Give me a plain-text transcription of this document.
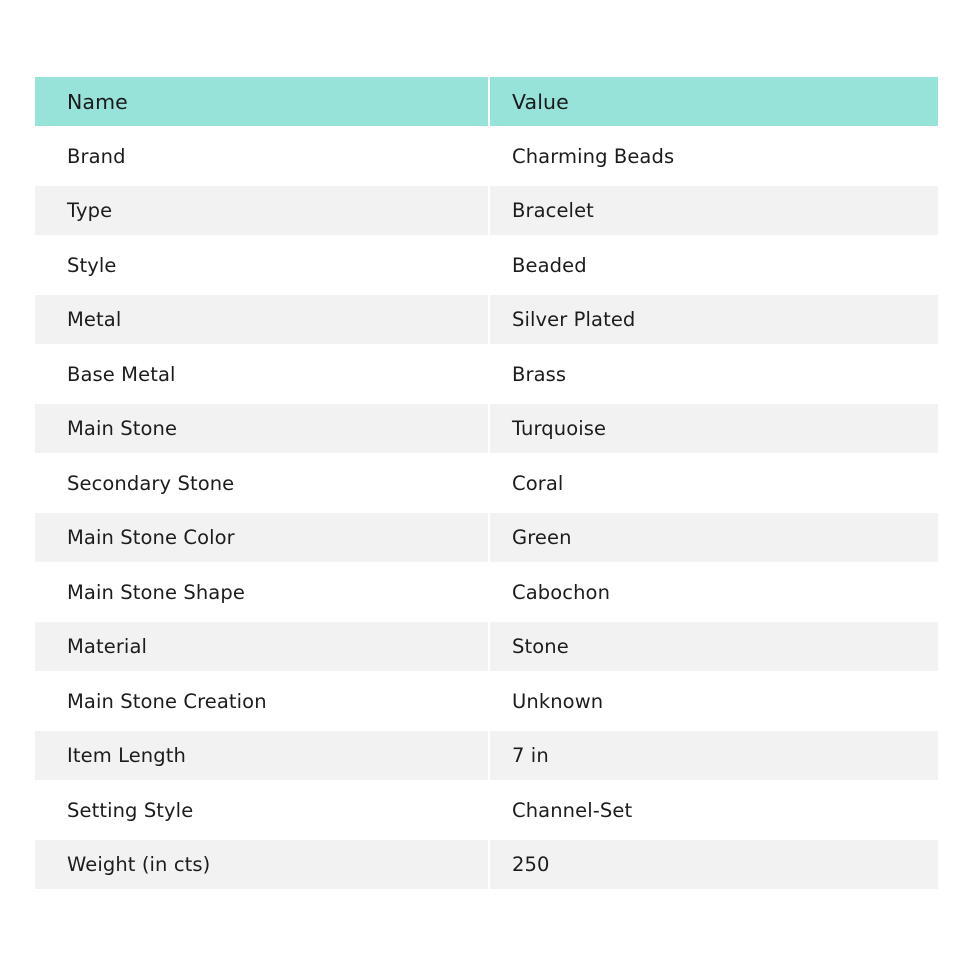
Name	Value
Brand	Charming Beads
Type	Bracelet
Style	Beaded
Metal	Silver Plated
Base Metal	Brass
Main Stone	Turquoise
Secondary Stone	Coral
Main Stone Color	Green
Main Stone Shape	Cabochon
Material	Stone
Main Stone Creation	Unknown
Item Length	7 in
Setting Style	Channel-Set
Weight (in cts)	250
